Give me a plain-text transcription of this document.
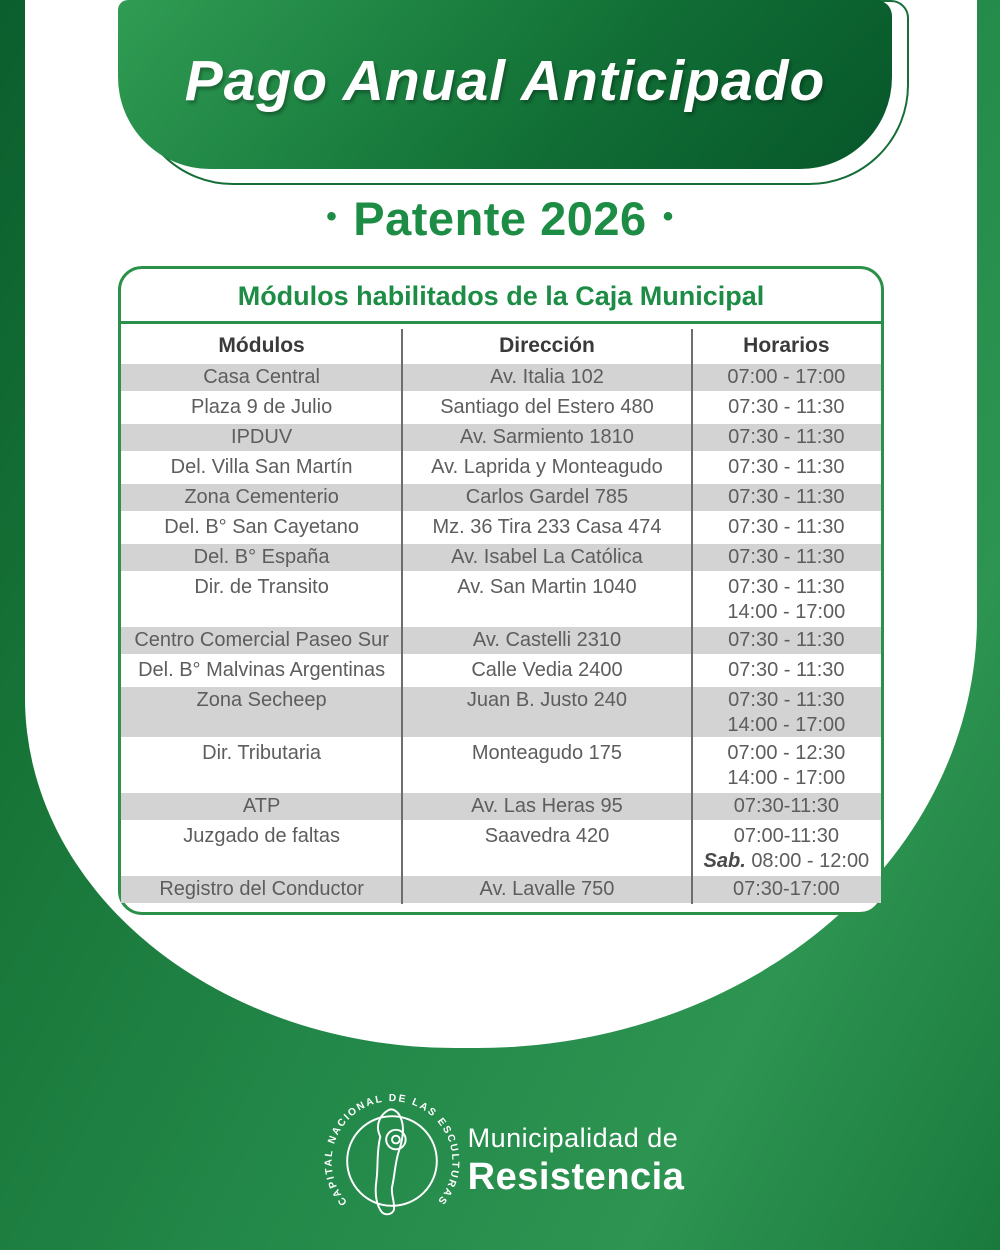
Pago Anual Anticipado
• Patente 2026 •
Módulos habilitados de la Caja Municipal
Módulos	Dirección	Horarios
Casa Central	Av. Italia 102	07:00 - 17:00
Plaza 9 de Julio	Santiago del Estero 480	07:30 - 11:30
IPDUV	Av. Sarmiento 1810	07:30 - 11:30
Del. Villa San Martín	Av. Laprida y Monteagudo	07:30 - 11:30
Zona Cementerio	Carlos Gardel 785	07:30 - 11:30
Del. B° San Cayetano	Mz. 36 Tira 233 Casa 474	07:30 - 11:30
Del. B° España	Av. Isabel La Católica	07:30 - 11:30
Dir. de Transito	Av. San Martin 1040	07:30 - 11:30
14:00 - 17:00
Centro Comercial Paseo Sur	Av. Castelli 2310	07:30 - 11:30
Del. B° Malvinas Argentinas	Calle Vedia 2400	07:30 - 11:30
Zona Secheep	Juan B. Justo 240	07:30 - 11:30
14:00 - 17:00
Dir. Tributaria	Monteagudo 175	07:00 - 12:30
14:00 - 17:00
ATP	Av. Las Heras 95	07:30-11:30
Juzgado de faltas	Saavedra 420	07:00-11:30
Sab. 08:00 - 12:00
Registro del Conductor	Av. Lavalle 750	07:30-17:00
CAPITAL NACIONAL DE LAS ESCULTURAS
Municipalidad de
Resistencia
